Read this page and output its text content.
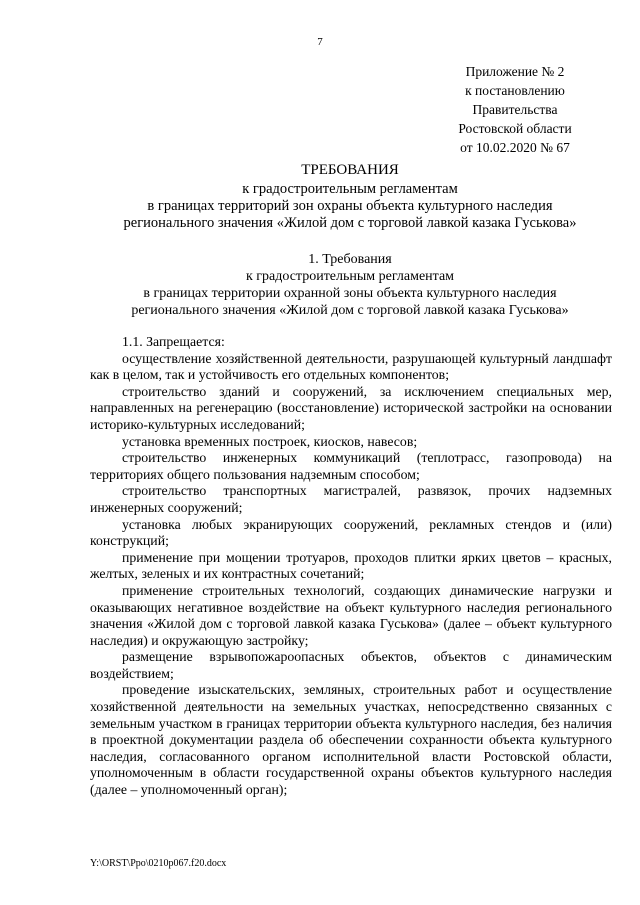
7
Приложение № 2
к постановлению
Правительства
Ростовской области
от 10.02.2020 № 67
ТРЕБОВАНИЯ
к градостроительным регламентам
в границах территорий зон охраны объекта культурного наследия
регионального значения «Жилой дом с торговой лавкой казака Гуськова»
1. Требования
к градостроительным регламентам
в границах территории охранной зоны объекта культурного наследия
регионального значения «Жилой дом с торговой лавкой казака Гуськова»

1.1. Запрещается:

осуществление хозяйственной деятельности, разрушающей культурный ландшафт как в целом, так и устойчивость его отдельных компонентов;

строительство зданий и сооружений, за исключением специальных мер, направленных на регенерацию (восстановление) исторической застройки на основании историко-культурных исследований;

установка временных построек, киосков, навесов;

строительство инженерных коммуникаций (теплотрасс, газопровода) на территориях общего пользования надземным способом;

строительство транспортных магистралей, развязок, прочих надземных инженерных сооружений;

установка любых экранирующих сооружений, рекламных стендов и (или) конструкций;

применение при мощении тротуаров, проходов плитки ярких цветов – красных, желтых, зеленых и их контрастных сочетаний;

применение строительных технологий, создающих динамические нагрузки и оказывающих негативное воздействие на объект культурного наследия регионального значения «Жилой дом с торговой лавкой казака Гуськова» (далее – объект культурного наследия) и окружающую застройку;

размещение взрывопожароопасных объектов, объектов с динамическим воздействием;

проведение изыскательских, земляных, строительных работ и осуществление хозяйственной деятельности на земельных участках, непосредственно связанных с земельным участком в границах территории объекта культурного наследия, без наличия в проектной документации раздела об обеспечении сохранности объекта культурного наследия, согласованного органом исполнительной власти Ростовской области, уполномоченным в области государственной охраны объектов культурного наследия (далее – уполномоченный орган);

Y:\ORST\Ppo\0210p067.f20.docx
